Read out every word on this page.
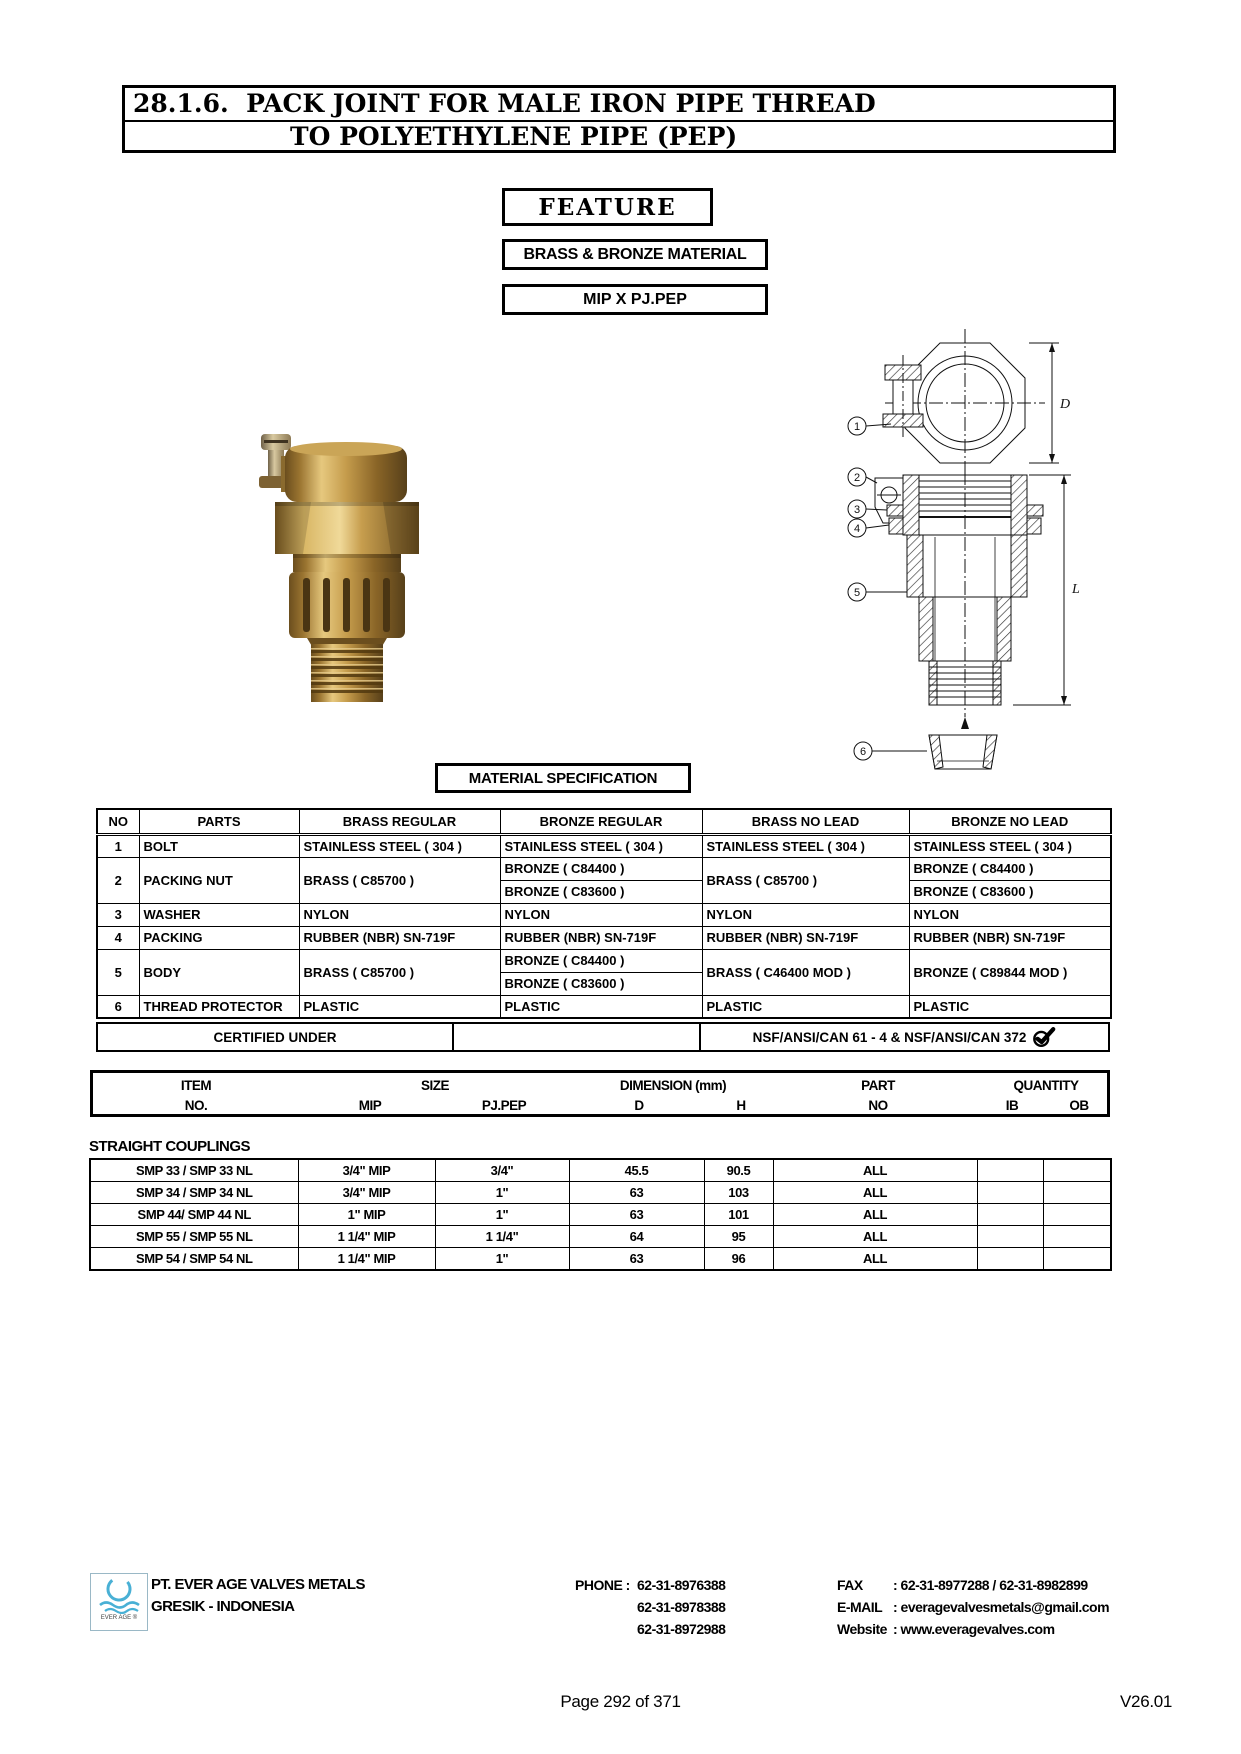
28.1.6.  PACK JOINT FOR MALE IRON PIPE THREAD
TO POLYETHYLENE PIPE (PEP)
FEATURE
BRASS & BRONZE MATERIAL
MIP X PJ.PEP
1
D
2
3
4
5	L
6
MATERIAL SPECIFICATION
NO	PARTS	BRASS REGULAR	BRONZE REGULAR	BRASS NO LEAD	BRONZE NO LEAD
1	BOLT	STAINLESS STEEL ( 304 )	STAINLESS STEEL ( 304 )	STAINLESS STEEL ( 304 )	STAINLESS STEEL ( 304 )
2	PACKING NUT	BRASS ( C85700 )	BRONZE ( C84400 )	BRASS ( C85700 )	BRONZE ( C84400 )
			BRONZE ( C83600 )		BRONZE ( C83600 )
3	WASHER	NYLON	NYLON	NYLON	NYLON
4	PACKING	RUBBER (NBR) SN-719F	RUBBER (NBR) SN-719F	RUBBER (NBR) SN-719F	RUBBER (NBR) SN-719F
5	BODY	BRASS ( C85700 )	BRONZE ( C84400 )	BRASS ( C46400 MOD )	BRONZE ( C89844 MOD )
			BRONZE ( C83600 )		
6	THREAD PROTECTOR	PLASTIC	PLASTIC	PLASTIC	PLASTIC
CERTIFIED UNDER	NSF/ANSI/CAN 61 - 4 & NSF/ANSI/CAN 372
ITEM	SIZE	DIMENSION (mm)	PART	QUANTITY
NO.	MIP	PJ.PEP	D	H	NO	IB	OB
STRAIGHT COUPLINGS
SMP 33 / SMP 33 NL	3/4" MIP	3/4"	45.5	90.5	ALL		
SMP 34 / SMP 34 NL	3/4" MIP	1"	63	103	ALL		
SMP 44/ SMP 44 NL	1" MIP	1"	63	101	ALL		
SMP 55 / SMP 55 NL	1 1/4" MIP	1 1/4"	64	95	ALL		
SMP 54 / SMP 54 NL	1 1/4" MIP	1"	63	96	ALL		
EVER AGE ®
PT. EVER AGE VALVES METALS
GRESIK - INDONESIA
PHONE : 62-31-8976388
62-31-8978388
62-31-8972988
FAX : 62-31-8977288 / 62-31-8982899
E-MAIL : everagevalvesmetals@gmail.com
Website : www.everagevalves.com
Page 292 of 371	V26.01
